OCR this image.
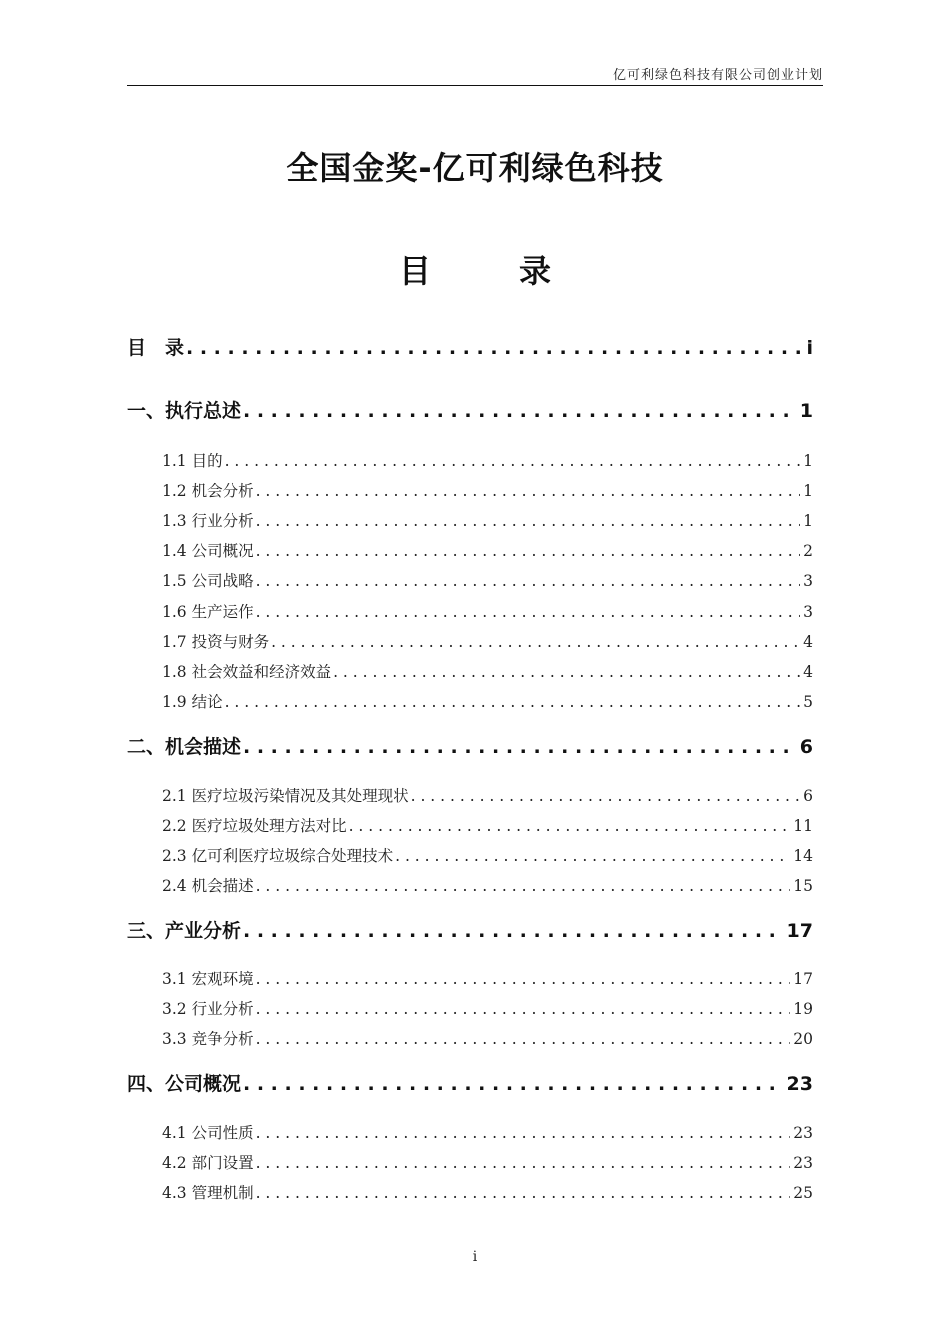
亿可利绿色科技有限公司创业计划
全国金奖-亿可利绿色科技
目　录
目　录 . . .	i
一、执行总述 . . .	1
1.1 目的 . . .	1
1.2 机会分析 . . .	1
1.3 行业分析 . . .	1
1.4 公司概况 . . .	2
1.5 公司战略 . . .	3
1.6 生产运作 . . .	3
1.7 投资与财务 . . .	4
1.8 社会效益和经济效益 . . .	4
1.9 结论 . . .	5
二、机会描述 . . .	6
2.1 医疗垃圾污染情况及其处理现状 . . .	6
2.2 医疗垃圾处理方法对比 . . .	11
2.3 亿可利医疗垃圾综合处理技术 . . .	14
2.4 机会描述 . . .	15
三、产业分析 . . .	17
3.1 宏观环境 . . .	17
3.2 行业分析 . . .	19
3.3 竞争分析 . . .	20
四、公司概况 . . .	23
4.1 公司性质 . . .	23
4.2 部门设置 . . .	23
4.3 管理机制 . . .	25
i
